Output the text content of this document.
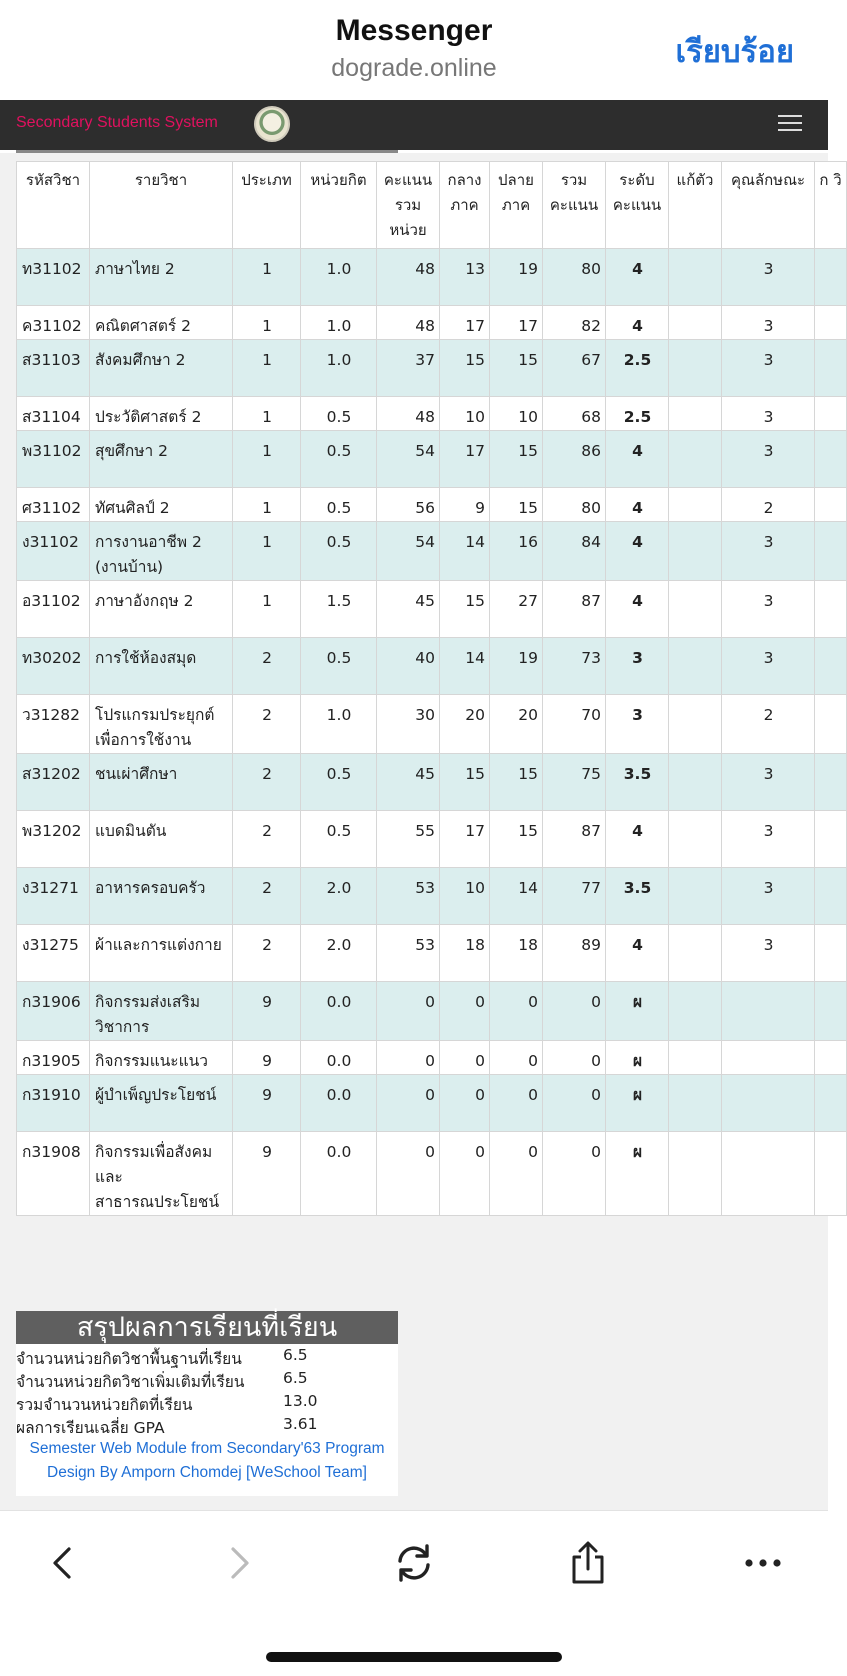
Messenger
dograde.online	เรียบร้อย
Secondary Students System
รหัสวิชา	รายวิชา	ประเภท	หน่วยกิต	คะแนนรวมหน่วย	กลางภาค	ปลายภาค	รวมคะแนน	ระดับคะแนน	แก้ตัว	คุณลักษณะ	ก วิ
ท31102	ภาษาไทย 2	1	1.0	48	13	19	80	4		3	
ค31102	คณิตศาสตร์ 2	1	1.0	48	17	17	82	4		3	
ส31103	สังคมศึกษา 2	1	1.0	37	15	15	67	2.5		3	
ส31104	ประวัติศาสตร์ 2	1	0.5	48	10	10	68	2.5		3	
พ31102	สุขศึกษา 2	1	0.5	54	17	15	86	4		3	
ศ31102	ทัศนศิลป์ 2	1	0.5	56	9	15	80	4		2	
ง31102	การงานอาชีพ 2 (งานบ้าน)	1	0.5	54	14	16	84	4		3	
อ31102	ภาษาอังกฤษ 2	1	1.5	45	15	27	87	4		3	
ท30202	การใช้ห้องสมุด	2	0.5	40	14	19	73	3		3	
ว31282	โปรแกรมประยุกต์เพื่อการใช้งาน	2	1.0	30	20	20	70	3		2	
ส31202	ชนเผ่าศึกษา	2	0.5	45	15	15	75	3.5		3	
พ31202	แบดมินตัน	2	0.5	55	17	15	87	4		3	
ง31271	อาหารครอบครัว	2	2.0	53	10	14	77	3.5		3	
ง31275	ผ้าและการแต่งกาย	2	2.0	53	18	18	89	4		3	
ก31906	กิจกรรมส่งเสริมวิชาการ	9	0.0	0	0	0	0	ผ			
ก31905	กิจกรรมแนะแนว	9	0.0	0	0	0	0	ผ			
ก31910	ผู้บำเพ็ญประโยชน์	9	0.0	0	0	0	0	ผ			
ก31908	กิจกรรมเพื่อสังคมและสาธารณประโยชน์	9	0.0	0	0	0	0	ผ			
สรุปผลการเรียนที่เรียน
จำนวนหน่วยกิตวิชาพื้นฐานที่เรียน	6.5
จำนวนหน่วยกิตวิชาเพิ่มเติมที่เรียน 6.5
รวมจำนวนหน่วยกิตที่เรียน	13.0
ผลการเรียนเฉลี่ย GPA	3.61
Semester Web Module from Secondary'63 Program
Design By Amporn Chomdej [WeSchool Team]
